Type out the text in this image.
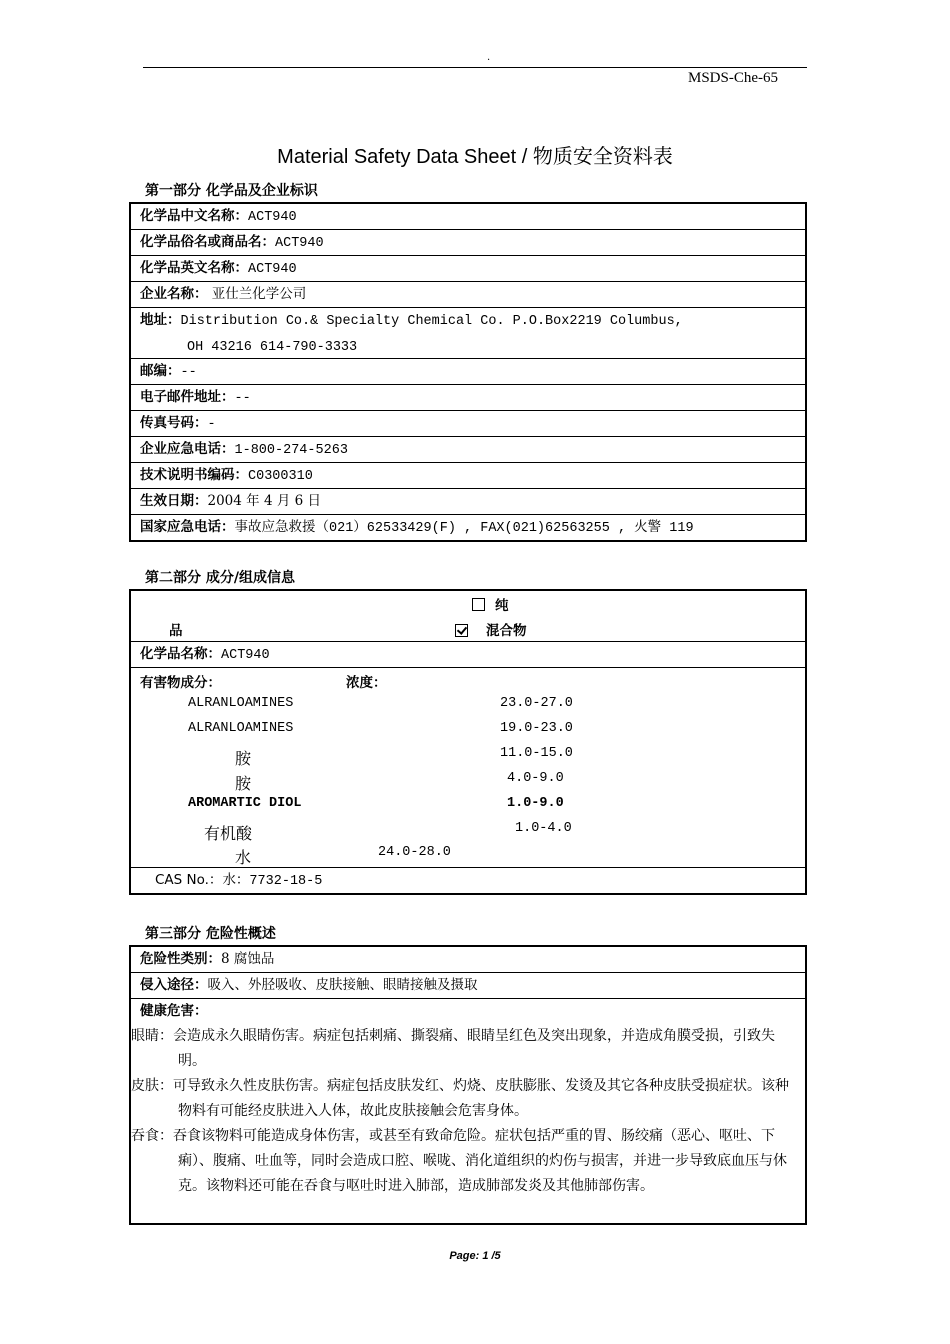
.
MSDS-Che-65
Material Safety Data Sheet / 物质安全资料表
第一部分 化学品及企业标识
化学品中文名称：ACT940
化学品俗名或商品名：ACT940
化学品英文名称：ACT940
企业名称： 亚仕兰化学公司
地址：Distribution Co.& Specialty Chemical Co. P.O.Box2219 Columbus,
OH 43216 614-790-3333
邮编：--
电子邮件地址：--
传真号码：-
企业应急电话：1-800-274-5263
技术说明书编码：C0300310
生效日期：2004 年 4 月 6 日
国家应急电话：事故应急救援（021）62533429(F) , FAX(021)62563255 , 火警 119
第二部分 成分/组成信息
纯
品	混合物
化学品名称：ACT940
有害物成分：	浓度：
ALRANLOAMINES	23.0-27.0
ALRANLOAMINES	19.0-23.0
胺	11.0-15.0
胺	4.0-9.0
AROMARTIC DIOL	1.0-9.0
有机酸	1.0-4.0
水	24.0-28.0
CAS No.：水：7732-18-5
第三部分 危险性概述
危险性类别：8 腐蚀品
侵入途径：吸入、外胫吸收、皮肤接触、眼睛接触及摄取
健康危害：
眼睛：会造成永久眼睛伤害。病症包括刺痛、撕裂痛、眼睛呈红色及突出现象，并造成角膜受损，引致失明。
皮肤：可导致永久性皮肤伤害。病症包括皮肤发红、灼烧、皮肤膨胀、发烫及其它各种皮肤受损症状。该种物料有可能经皮肤进入人体，故此皮肤接触会危害身体。
吞食：吞食该物料可能造成身体伤害，或甚至有致命危险。症状包括严重的胃、肠绞痛（恶心、呕吐、下痢）、腹痛、吐血等，同时会造成口腔、喉咙、消化道组织的灼伤与损害，并进一步导致底血压与休克。该物料还可能在吞食与呕吐时进入肺部，造成肺部发炎及其他肺部伤害。
Page: 1 /5
